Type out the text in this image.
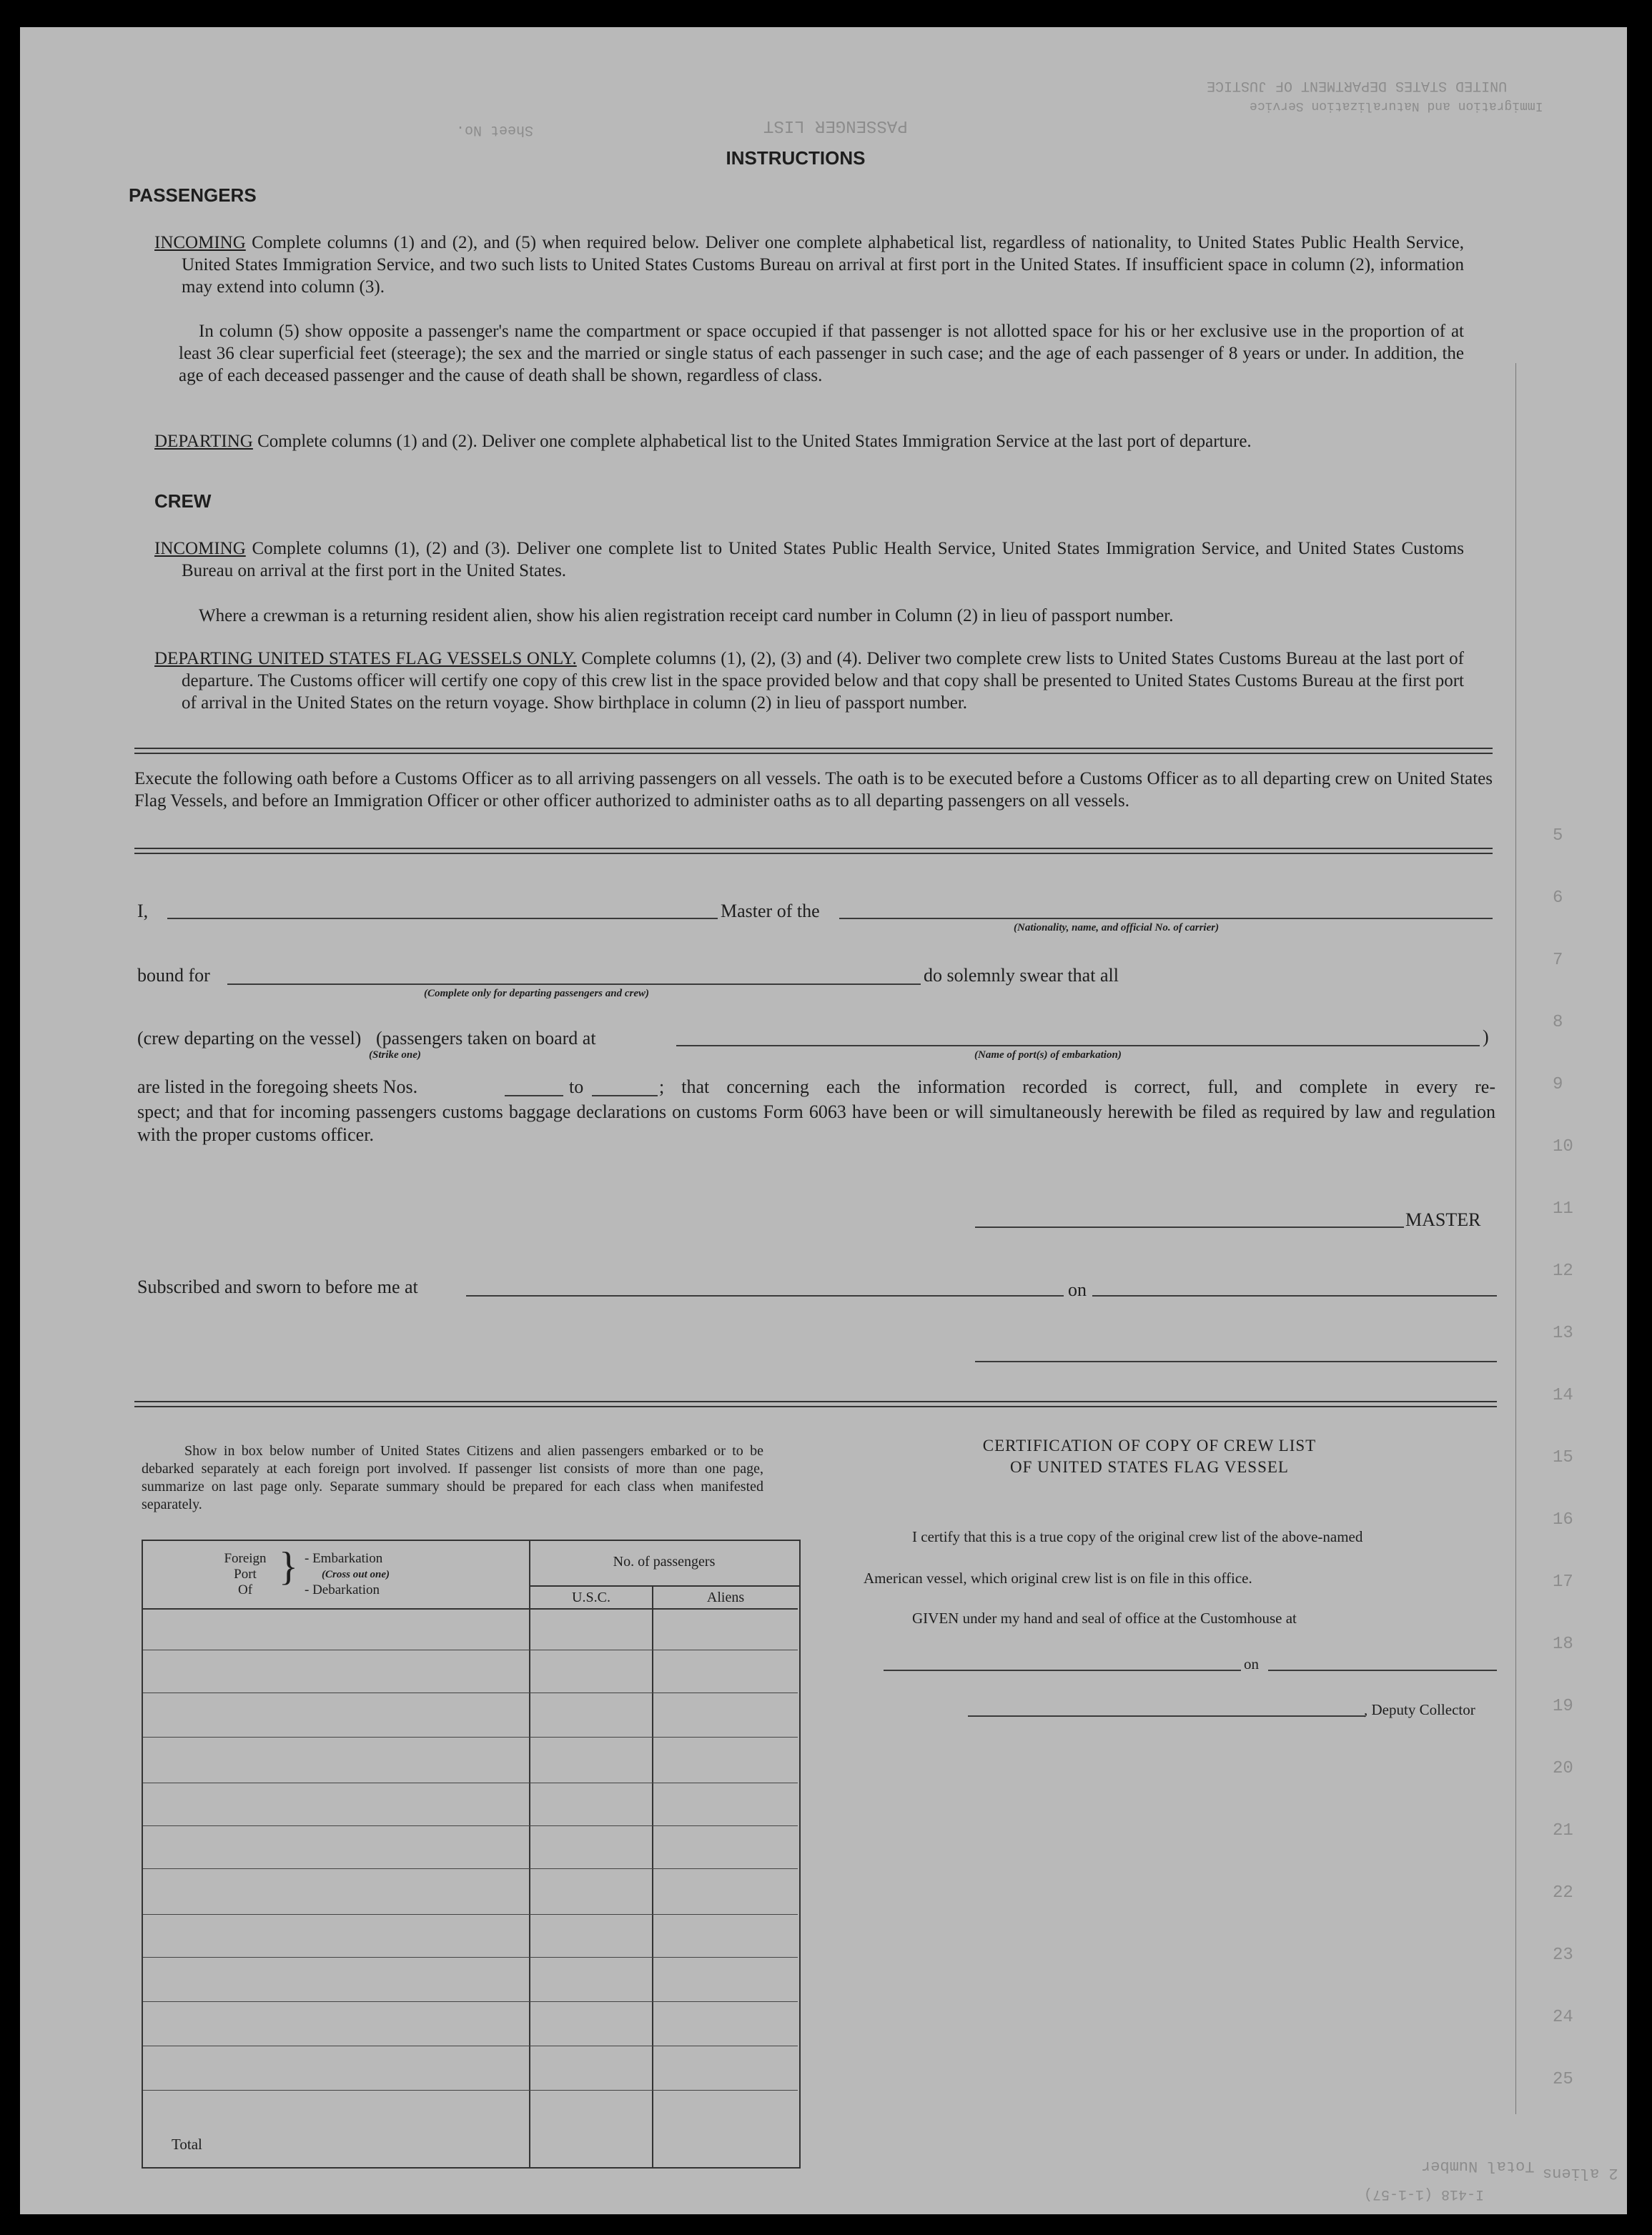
UNITED STATES DEPARTMENT OF JUSTICE
Immigration and Naturalization Service
PASSENGER LIST
Sheet No.
Total Number 2 aliens
I-418 (1-1-57)
5
6
7
8
9
10
11
12
13
14
15
16
17
18
19
20
21
22
23
24
25
INSTRUCTIONS
PASSENGERS
INCOMING Complete columns (1) and (2), and (5) when required below. Deliver one complete alphabetical list, regardless of nationality, to United States Public Health Service, United States Immigration Service, and two such lists to United States Customs Bureau on arrival at first port in the United States. If insufficient space in column (2), information may extend into column (3).
In column (5) show opposite a passenger's name the compartment or space occupied if that passenger is not allotted space for his or her exclusive use in the proportion of at least 36 clear superficial feet (steerage); the sex and the married or single status of each passenger in such case; and the age of each passenger of 8 years or under. In addition, the age of each deceased passenger and the cause of death shall be shown, regardless of class.
DEPARTING Complete columns (1) and (2). Deliver one complete alphabetical list to the United States Immigration Service at the last port of departure.
CREW
INCOMING Complete columns (1), (2) and (3). Deliver one complete list to United States Public Health Service, United States Immigration Service, and United States Customs Bureau on arrival at the first port in the United States.
Where a crewman is a returning resident alien, show his alien registration receipt card number in Column (2) in lieu of passport number.
DEPARTING UNITED STATES FLAG VESSELS ONLY. Complete columns (1), (2), (3) and (4). Deliver two complete crew lists to United States Customs Bureau at the last port of departure. The Customs officer will certify one copy of this crew list in the space provided below and that copy shall be presented to United States Customs Bureau at the first port of arrival in the United States on the return voyage. Show birthplace in column (2) in lieu of passport number.
Execute the following oath before a Customs Officer as to all arriving passengers on all vessels. The oath is to be executed before a Customs Officer as to all departing crew on United States Flag Vessels, and before an Immigration Officer or other officer authorized to administer oaths as to all departing passengers on all vessels.
I,	Master of the
(Nationality, name, and official No. of carrier)
bound for
(Complete only for departing passengers and crew)
do solemnly swear that all
(crew departing on the vessel) (passengers taken on board at	)
(Strike one)	(Name of port(s) of embarkation)
are listed in the foregoing sheets Nos.	to	; that concerning each the information recorded is correct, full, and complete in every re-
spect; and that for incoming passengers customs baggage declarations on customs Form 6063 have been or will simultaneously herewith be filed as required by law and regulation with the proper customs officer.
MASTER
Subscribed and sworn to before me at	on
Show in box below number of United States Citizens and alien passengers embarked or to be debarked separately at each foreign port involved. If passenger list consists of more than one page, summarize on last page only. Separate summary should be prepared for each class when manifested separately.
Foreign
Port
Of
} - Embarkation
(Cross out one)
- Debarkation
No. of passengers
U.S.C.	Aliens
Total
CERTIFICATION OF COPY OF CREW LIST
OF UNITED STATES FLAG VESSEL
I certify that this is a true copy of the original crew list of the above-named
American vessel, which original crew list is on file in this office.
GIVEN under my hand and seal of office at the Customhouse at
on
, Deputy Collector
